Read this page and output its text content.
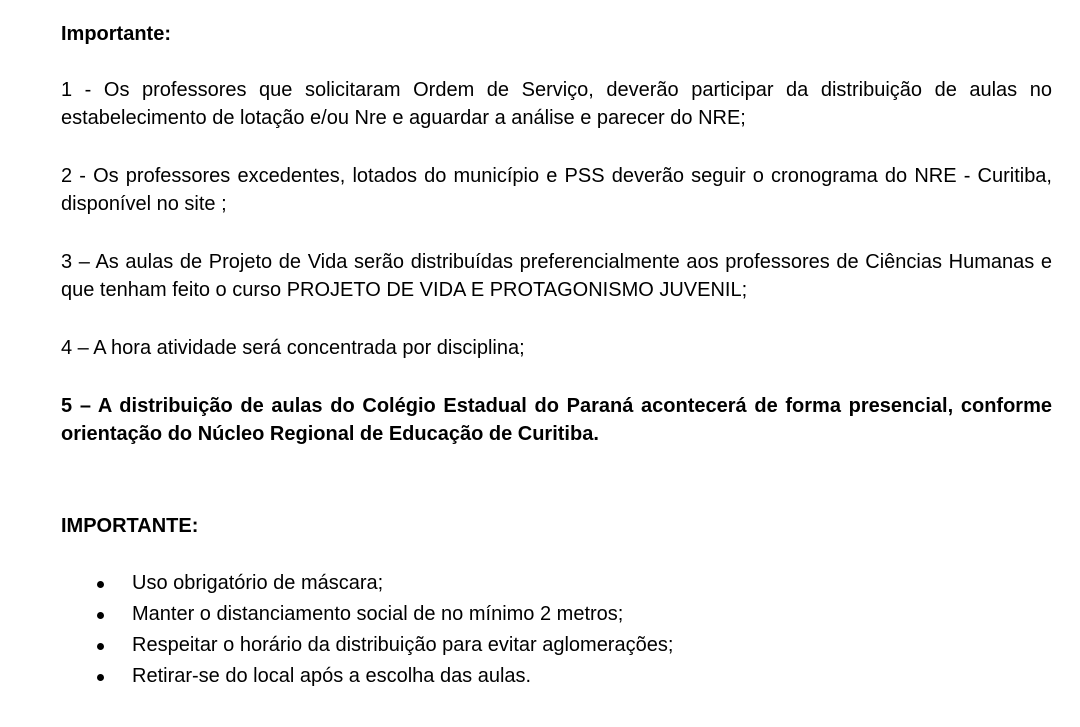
Importante:

1 - Os professores que solicitaram Ordem de Serviço, deverão participar da distribuição de aulas no estabelecimento de lotação e/ou Nre e aguardar a análise e parecer do NRE;

2 - Os professores excedentes, lotados do município e PSS deverão seguir o cronograma do NRE - Curitiba, disponível no site ;

3 – As aulas de Projeto de Vida serão distribuídas preferencialmente aos professores de Ciências Humanas e que tenham feito o curso PROJETO DE VIDA E PROTAGONISMO JUVENIL;

4 – A hora atividade será concentrada por disciplina;

5 – A distribuição de aulas do Colégio Estadual do Paraná acontecerá de forma presencial, conforme orientação do Núcleo Regional de Educação de Curitiba.

IMPORTANTE:

Uso obrigatório de máscara;
Manter o distanciamento social de no mínimo 2 metros;
Respeitar o horário da distribuição para evitar aglomerações;
Retirar-se do local após a escolha das aulas.
